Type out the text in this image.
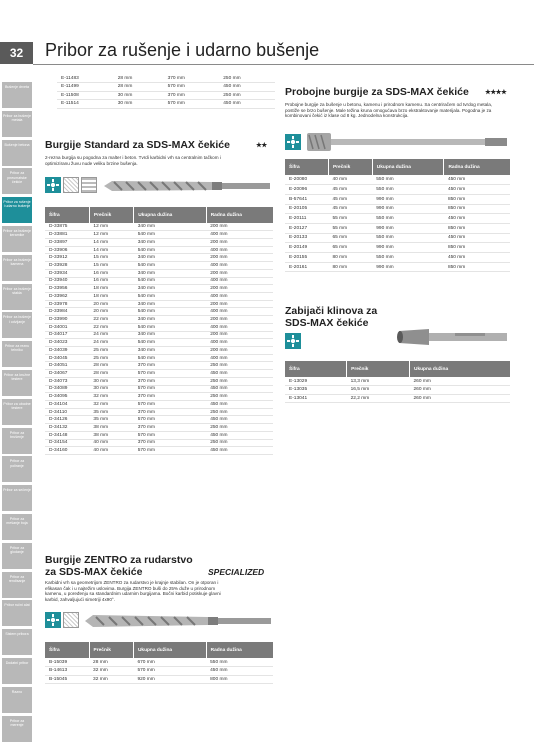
32
Bušenje drveta
Pribor za bušenje metala
Bušenje betona
Pribor za pneumatske čekiće
Pribor za rušenje i udarno bušenje
Pribor za bušenje keramike
Pribor za bušenje kamena
Pribor za bušenje stakla
Pribor za bušenje i odvijanje
Pribor za reznu tehniku
Pribor za kružne testere
Pribor za ubodne testere
Pribor za brušenje
Pribor za poliranje
Pribor za sečenje
Pribor za mešanje boja
Pribor za glodanje
Pribor za rendisanje
Pribor ručni alat
Sistem pribora
Dodatni pribor
Razno
Pribor za merenje
Pribor za rušenje i udarno bušenje
E-11483	28 mm	370 mm	250 mm
E-11499	28 mm	570 mm	450 mm
E-11508	30 mm	370 mm	250 mm
E-11514	30 mm	570 mm	450 mm
Burgije Standard za SDS-MAX čekiće	★★
2-rezna burgija su pogodna za malter i beton. Tvrdi karbidni vrh sa centralnim tačkom i optimiziranu žuvu nude veliku brzine bušenja.
Šifra	Prečnik	Ukupna dužina	Radna dužina
D-33875	12 mm	340 mm	200 mm
D-33881	12 mm	540 mm	400 mm
D-33897	14 mm	340 mm	200 mm
D-33906	14 mm	540 mm	400 mm
D-33912	15 mm	340 mm	200 mm
D-33928	15 mm	540 mm	400 mm
D-33934	16 mm	340 mm	200 mm
D-33940	16 mm	540 mm	400 mm
D-33956	18 mm	340 mm	200 mm
D-33962	18 mm	540 mm	400 mm
D-33978	20 mm	340 mm	200 mm
D-33984	20 mm	540 mm	400 mm
D-33990	22 mm	340 mm	200 mm
D-34001	22 mm	540 mm	400 mm
D-34017	24 mm	340 mm	200 mm
D-34023	24 mm	540 mm	400 mm
D-34039	25 mm	340 mm	200 mm
D-34045	25 mm	540 mm	400 mm
D-34051	28 mm	370 mm	250 mm
D-34067	28 mm	570 mm	450 mm
D-34073	30 mm	370 mm	250 mm
D-34089	30 mm	570 mm	450 mm
D-34095	32 mm	370 mm	250 mm
D-34104	32 mm	570 mm	450 mm
D-34110	35 mm	370 mm	250 mm
D-34126	35 mm	570 mm	450 mm
D-34132	38 mm	370 mm	250 mm
D-34148	38 mm	570 mm	450 mm
D-34154	40 mm	370 mm	250 mm
D-34160	40 mm	570 mm	450 mm
Burgije ZENTRO za rudarstvo
za SDS-MAX čekiće	SPECIALIZED
Karbidni vrh sa geometrijom ZENTRO za rudarstvo je krajnje stabilan. On je otporan i efikasan čak i u najtežim uslovima. Burgija ZENTRO buši do 25% duže u prirodnom kamenu, u poređenju sa standardnim udarnim burgijama. Bočni karbid potiskuje glavni karbid, zahvaljujući simetriji 4x90°.
Šifra	Prečnik	Ukupna dužina	Radna dužina
B-15039	28 mm	670 mm	550 mm
B-14613	32 mm	570 mm	450 mm
B-15045	32 mm	920 mm	800 mm
Probojne burgije za SDS-MAX čekiće ★★★★
Probojne burgije za bušenje u betonu, kamenu i prirodnom kamenu. Sa centriračem od tvrdog metala, postiže se brzo bušenje. Male težina kruna omogućava brzo ekstraktovanje materijala. Pogodna je za kombinovani čekić iz klase od 8 kg. Jednodelna konstrukcija.
Šifra	Prečnik	Ukupna dužina	Radna dužina
E-20080	40 mm	550 mm	450 mm
E-20096	45 mm	550 mm	450 mm
B-57641	45 mm	990 mm	850 mm
E-20105	45 mm	990 mm	850 mm
E-20111	55 mm	550 mm	450 mm
E-20127	55 mm	990 mm	850 mm
E-20133	65 mm	550 mm	450 mm
E-20149	65 mm	990 mm	850 mm
E-20155	80 mm	550 mm	450 mm
E-20161	80 mm	990 mm	850 mm
Zabijači klinova za
SDS-MAX čekiće
Šifra	Prečnik	Ukupna dužina
E-13029	13,3 mm	260 mm
E-13035	16,5 mm	260 mm
E-13041	22,2 mm	260 mm
